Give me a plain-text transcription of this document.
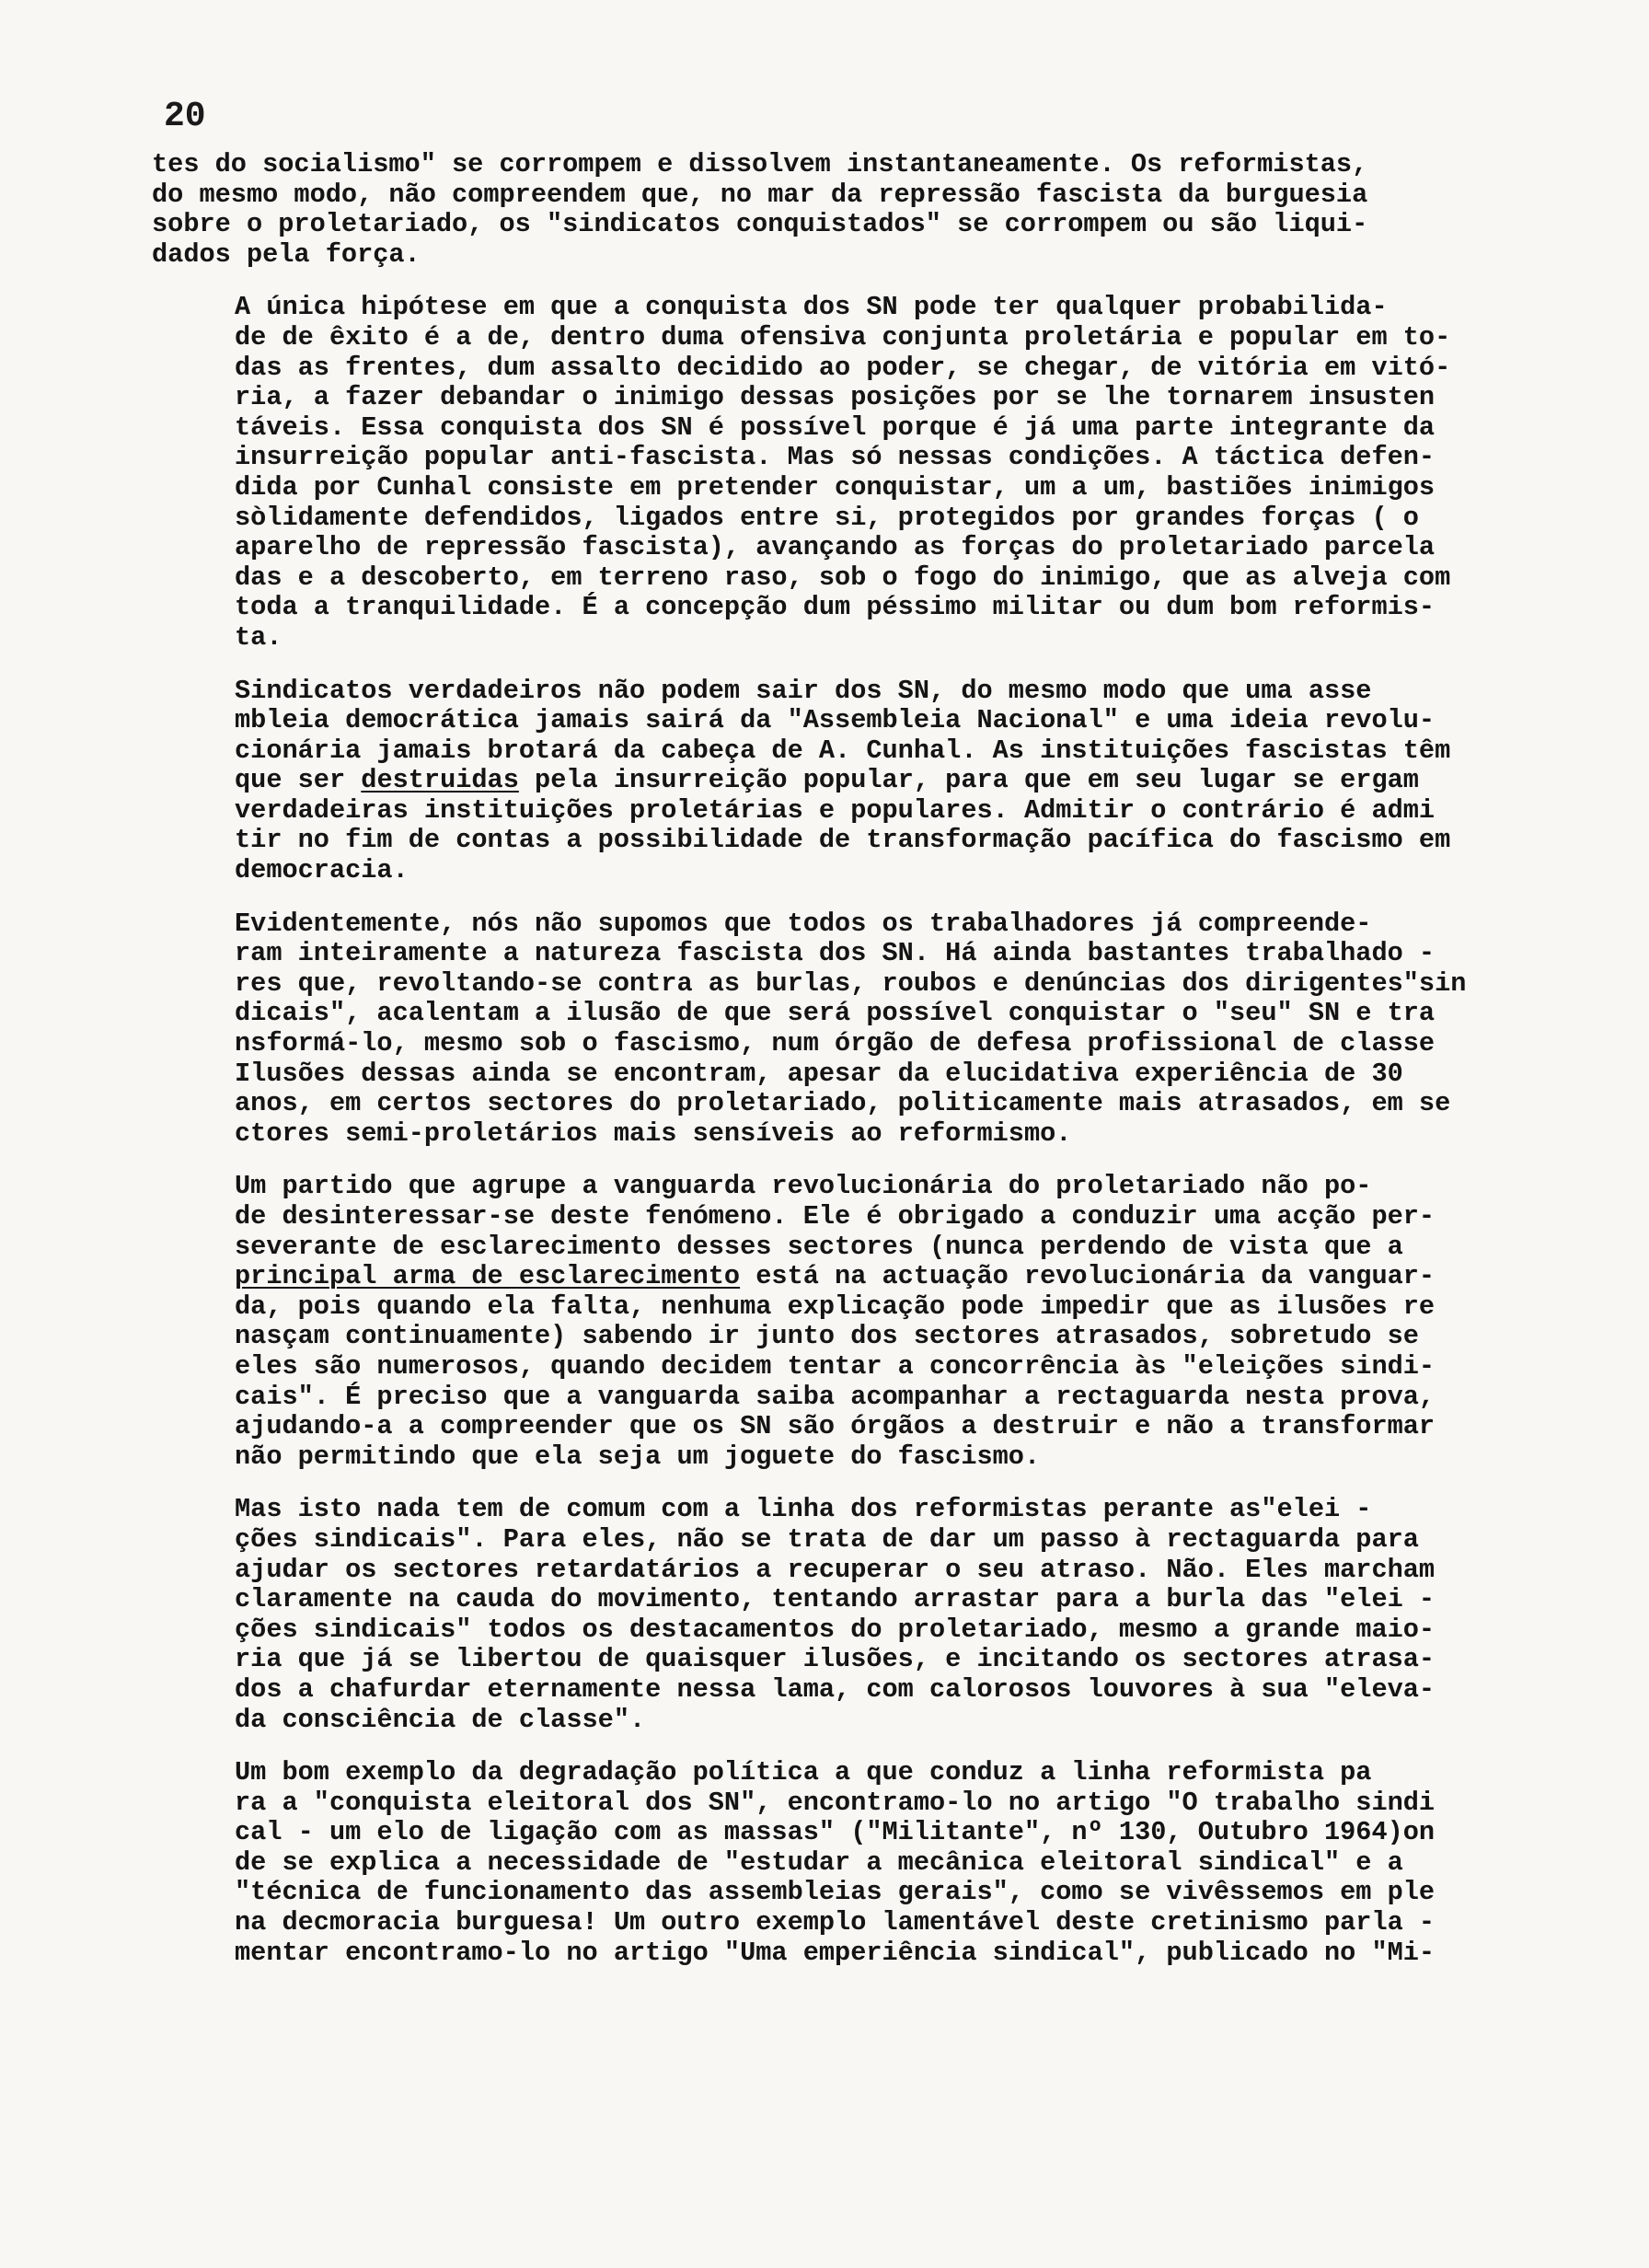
20
tes do socialismo" se corrompem e dissolvem instantaneamente. Os reformistas,
do mesmo modo, não compreendem que, no mar da repressão fascista da burguesia
sobre o proletariado, os "sindicatos conquistados" se corrompem ou são liqui-
dados pela força.
A única hipótese em que a conquista dos SN pode ter qualquer probabilida-
de de êxito é a de, dentro duma ofensiva conjunta proletária e popular em to-
das as frentes, dum assalto decidido ao poder, se chegar, de vitória em vitó-
ria, a fazer debandar o inimigo dessas posições por se lhe tornarem insusten
táveis. Essa conquista dos SN é possível porque é já uma parte integrante da
insurreição popular anti-fascista. Mas só nessas condições. A táctica defen-
dida por Cunhal consiste em pretender conquistar, um a um, bastiões inimigos
sòlidamente defendidos, ligados entre si, protegidos por grandes forças ( o
aparelho de repressão fascista), avançando as forças do proletariado parcela
das e a descoberto, em terreno raso, sob o fogo do inimigo, que as alveja com
toda a tranquilidade. É a concepção dum péssimo militar ou dum bom reformis-
ta.
Sindicatos verdadeiros não podem sair dos SN, do mesmo modo que uma asse
mbleia democrática jamais sairá da "Assembleia Nacional" e uma ideia revolu-
cionária jamais brotará da cabeça de A. Cunhal. As instituições fascistas têm
que ser destruidas pela insurreição popular, para que em seu lugar se ergam
verdadeiras instituições proletárias e populares. Admitir o contrário é admi
tir no fim de contas a possibilidade de transformação pacífica do fascismo em
democracia.
Evidentemente, nós não supomos que todos os trabalhadores já compreende-
ram inteiramente a natureza fascista dos SN. Há ainda bastantes trabalhado -
res que, revoltando-se contra as burlas, roubos e denúncias dos dirigentes"sin
dicais", acalentam a ilusão de que será possível conquistar o "seu" SN e tra
nsformá-lo, mesmo sob o fascismo, num órgão de defesa profissional de classe
Ilusões dessas ainda se encontram, apesar da elucidativa experiência de 30
anos, em certos sectores do proletariado, politicamente mais atrasados, em se
ctores semi-proletários mais sensíveis ao reformismo.
Um partido que agrupe a vanguarda revolucionária do proletariado não po-
de desinteressar-se deste fenómeno. Ele é obrigado a conduzir uma acção per-
severante de esclarecimento desses sectores (nunca perdendo de vista que a
principal arma de esclarecimento está na actuação revolucionária da vanguar-
da, pois quando ela falta, nenhuma explicação pode impedir que as ilusões re
nasçam continuamente) sabendo ir junto dos sectores atrasados, sobretudo se
eles são numerosos, quando decidem tentar a concorrência às "eleições sindi-
cais". É preciso que a vanguarda saiba acompanhar a rectaguarda nesta prova,
ajudando-a a compreender que os SN são órgãos a destruir e não a transformar
não permitindo que ela seja um joguete do fascismo.
Mas isto nada tem de comum com a linha dos reformistas perante as"elei -
ções sindicais". Para eles, não se trata de dar um passo à rectaguarda para
ajudar os sectores retardatários a recuperar o seu atraso. Não. Eles marcham
claramente na cauda do movimento, tentando arrastar para a burla das "elei -
ções sindicais" todos os destacamentos do proletariado, mesmo a grande maio-
ria que já se libertou de quaisquer ilusões, e incitando os sectores atrasa-
dos a chafurdar eternamente nessa lama, com calorosos louvores à sua "eleva-
da consciência de classe".
Um bom exemplo da degradação política a que conduz a linha reformista pa
ra a "conquista eleitoral dos SN", encontramo-lo no artigo "O trabalho sindi
cal - um elo de ligação com as massas" ("Militante", nº 130, Outubro 1964)on
de se explica a necessidade de "estudar a mecânica eleitoral sindical" e a
"técnica de funcionamento das assembleias gerais", como se vivêssemos em ple
na decmoracia burguesa! Um outro exemplo lamentável deste cretinismo parla -
mentar encontramo-lo no artigo "Uma emperiência sindical", publicado no "Mi-
